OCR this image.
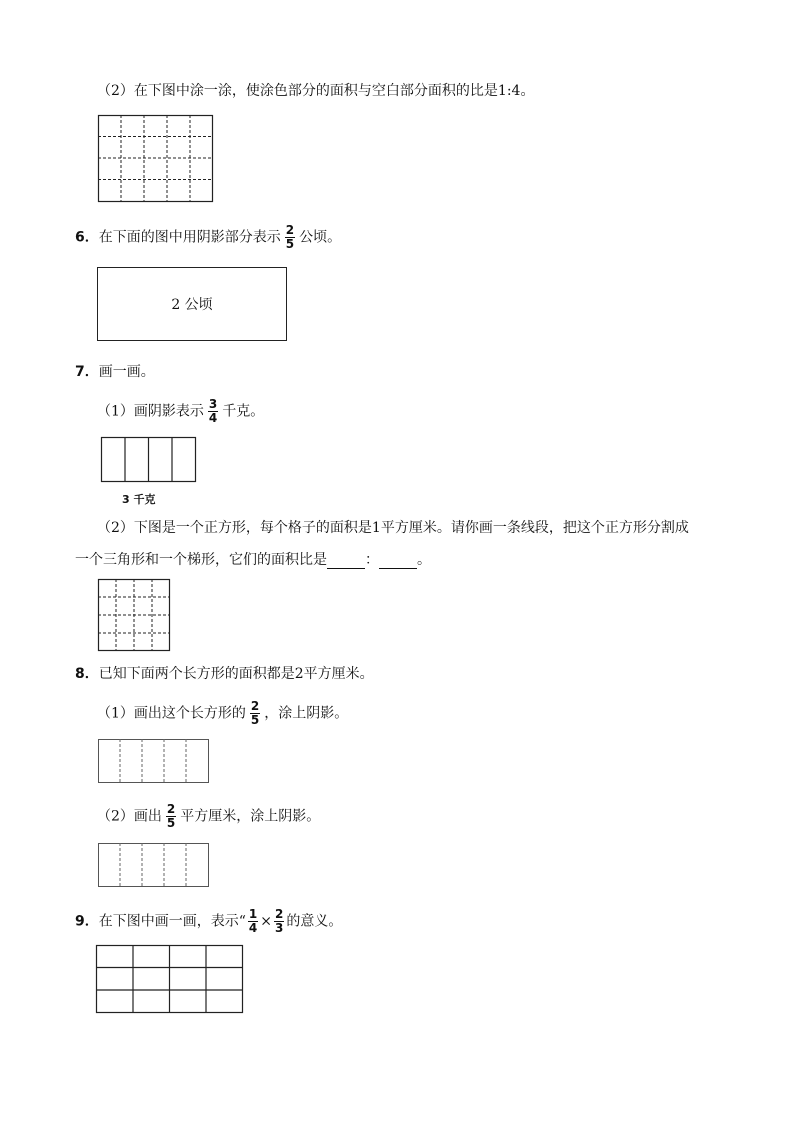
（2）在下图中涂一涂，使涂色部分的面积与空白部分面积的比是1:4。
6．在下面的图中用阴影部分表示 $\frac{2}{5}$ 公顷。
2 公顷
7．画一画。
（1）画阴影表示 $\frac{3}{4}$ 千克。
3 千克
（2）下图是一个正方形，每个格子的面积是1平方厘米。请你画一条线段，把这个正方形分割成
一个三角形和一个梯形，它们的面积比是	：	。
8．已知下面两个长方形的面积都是2平方厘米。
（1）画出这个长方形的 $\frac{2}{5}$ ，涂上阴影。
（2）画出 $\frac{2}{5}$ 平方厘米，涂上阴影。
9．在下图中画一画，表示“ $\frac{1}{4} \times \frac{2}{3}$ 的意义。
